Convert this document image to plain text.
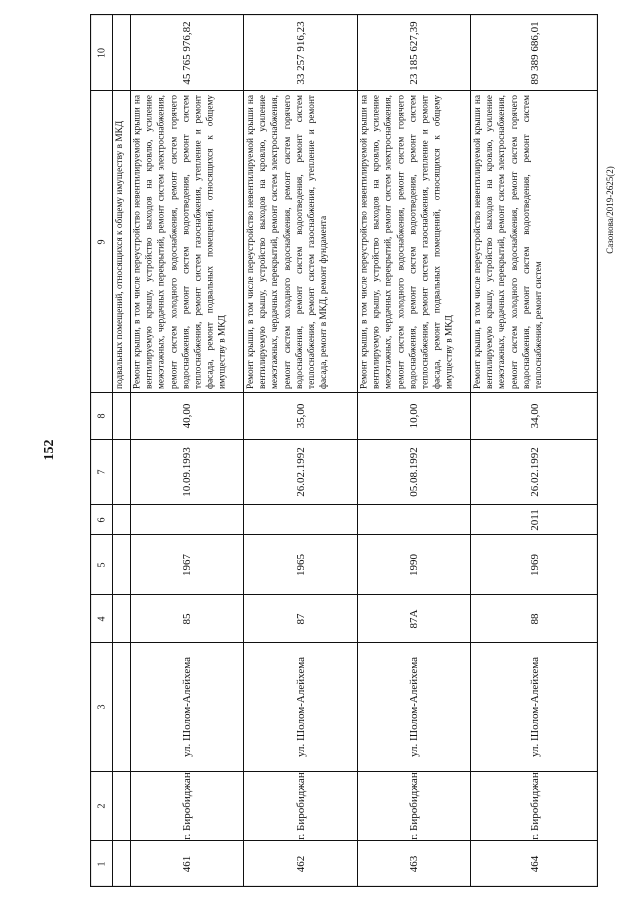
152
Сазонова/2019-2625(2)
10
9
8
7
6
5
4
3
2
1
подвальных помещений, относящихся к общему имуществу в МКД
45 765 976,82
Ремонт крыши, в том числе переустройство невентилируемой крыши на вентилируемую крышу, устройство выходов на кровлю, усиление межэтажных, чердачных перекрытий, ремонт систем электроснабжения, ремонт систем холодного водоснабжения, ремонт систем горячего водоснабжения, ремонт систем водоотведения, ремонт систем теплоснабжения, ремонт систем газоснабжения, утепление и ремонт фасада, ремонт подвальных помещений, относящихся к общему имуществу в МКД
40,00
10.09.1993
1967
85
ул. Шолом-Алейхема
г. Биробиджан
461
33 257 916,23
Ремонт крыши, в том числе переустройство невентилируемой крыши на вентилируемую крышу, устройство выходов на кровлю, усиление межэтажных, чердачных перекрытий, ремонт систем электроснабжения, ремонт систем холодного водоснабжения, ремонт систем горячего водоснабжения, ремонт систем водоотведения, ремонт систем теплоснабжения, ремонт систем газоснабжения, утепление и ремонт фасада, ремонт в МКД, ремонт фундамента
35,00
26.02.1992
1965
87
ул. Шолом-Алейхема
г. Биробиджан
462
23 185 627,39
Ремонт крыши, в том числе переустройство невентилируемой крыши на вентилируемую крышу, устройство выходов на кровлю, усиление межэтажных, чердачных перекрытий, ремонт систем электроснабжения, ремонт систем холодного водоснабжения, ремонт систем горячего водоснабжения, ремонт систем водоотведения, ремонт систем теплоснабжения, ремонт систем газоснабжения, утепление и ремонт фасада, ремонт подвальных помещений, относящихся к общему имуществу в МКД
10,00
05.08.1992
1990
87А
ул. Шолом-Алейхема
г. Биробиджан
463
89 389 686,01
Ремонт крыши, в том числе переустройство невентилируемой крыши на вентилируемую крышу, устройство выходов на кровлю, усиление межэтажных, чердачных перекрытий, ремонт систем электроснабжения, ремонт систем холодного водоснабжения, ремонт систем горячего водоснабжения, ремонт систем водоотведения, ремонт систем теплоснабжения, ремонт систем
34,00
26.02.1992
2011
1969
88
ул. Шолом-Алейхема
г. Биробиджан
464
